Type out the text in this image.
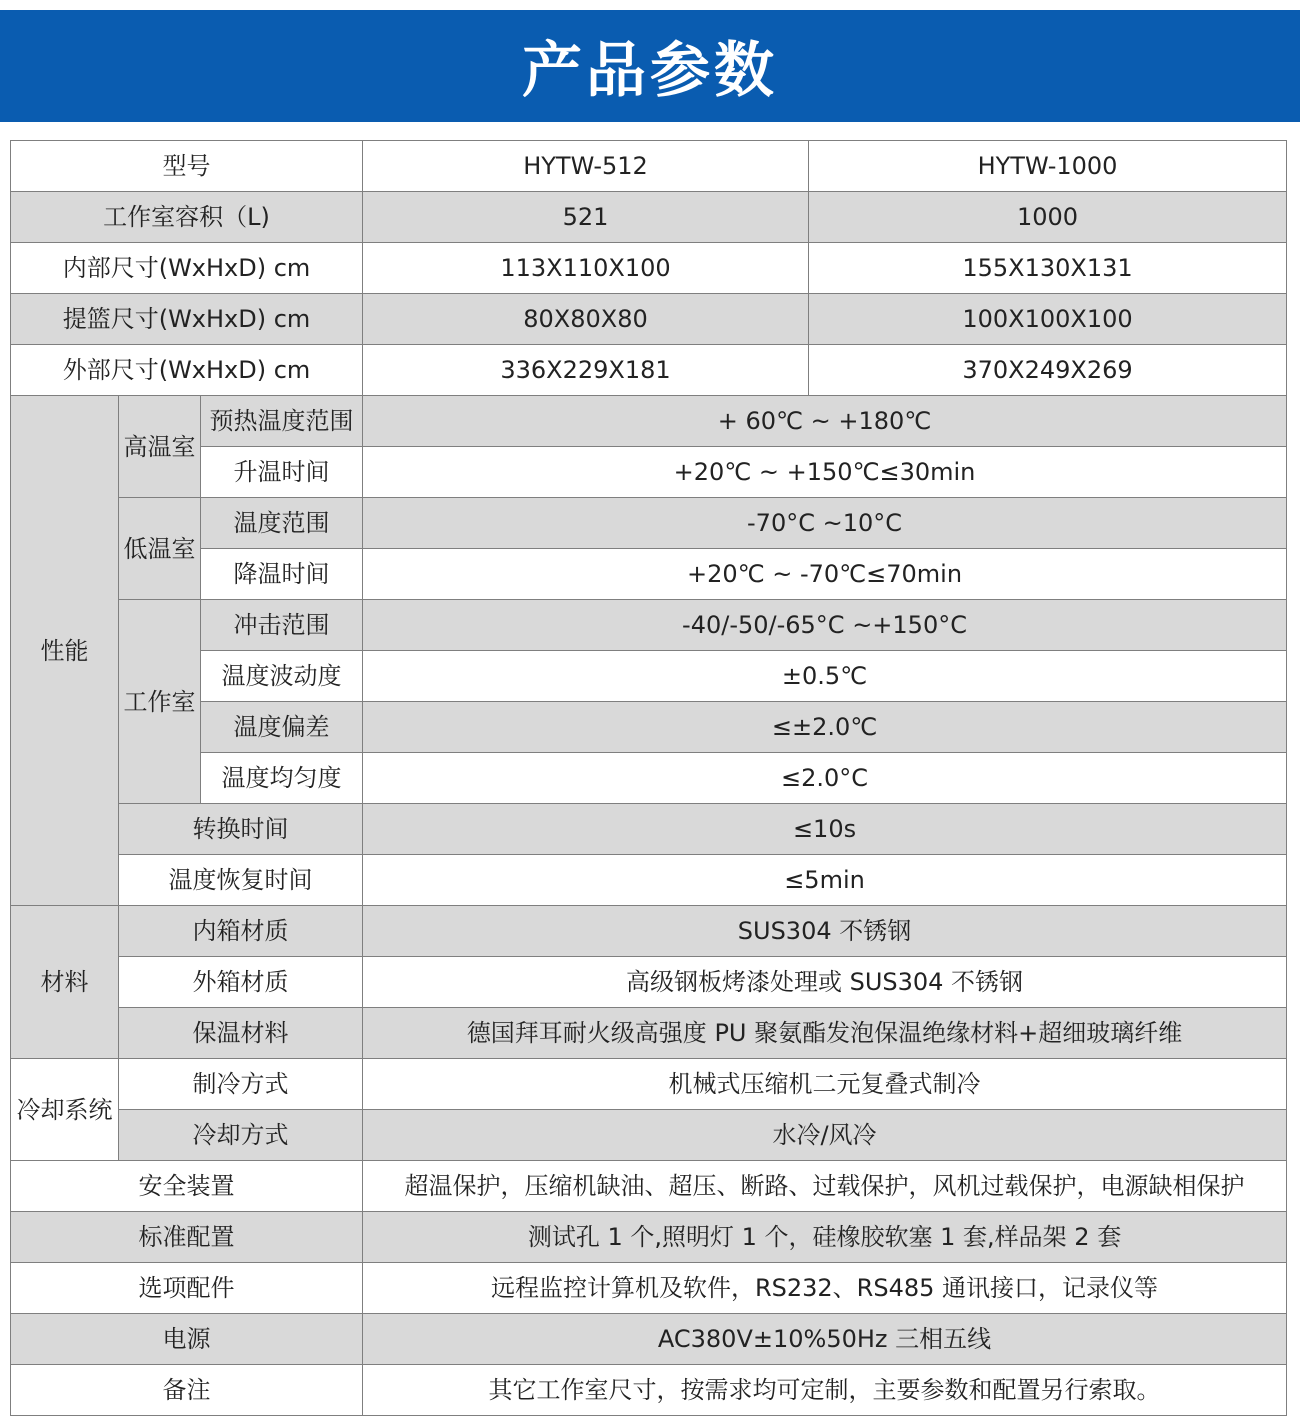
产品参数
型号			HYTW-512	HYTW-1000
工作室容积（L)			521	1000
内部尺寸(WxHxD) cm			113X110X100	155X130X131
提篮尺寸(WxHxD) cm			80X80X80	100X100X100
外部尺寸(WxHxD) cm			336X229X181	370X249X269
性能	高温室	预热温度范围	+ 60℃ ~ +180℃	
		升温时间	+20℃ ~ +150℃≤30min	
	低温室	温度范围	-70°C ~10°C	
		降温时间	+20℃ ~ -70℃≤70min	
	工作室	冲击范围	-40/-50/-65°C ~+150°C	
		温度波动度	±0.5℃	
		温度偏差	≤±2.0℃	
		温度均匀度	≤2.0°C	
	转换时间		≤10s	
	温度恢复时间		≤5min	
材料	内箱材质		SUS304 不锈钢	
	外箱材质		高级钢板烤漆处理或 SUS304 不锈钢	
	保温材料		德国拜耳耐火级高强度 PU 聚氨酯发泡保温绝缘材料+超细玻璃纤维	
冷却系统	制冷方式		机械式压缩机二元复叠式制冷	
	冷却方式		水冷/风冷	
安全装置			超温保护，压缩机缺油、超压、断路、过载保护，风机过载保护，电源缺相保护	
标准配置			测试孔 1 个,照明灯 1 个，硅橡胶软塞 1 套,样品架 2 套	
选项配件			远程监控计算机及软件，RS232、RS485 通讯接口，记录仪等	
电源			AC380V±10%50Hz 三相五线	
备注			其它工作室尺寸，按需求均可定制，主要参数和配置另行索取。	
